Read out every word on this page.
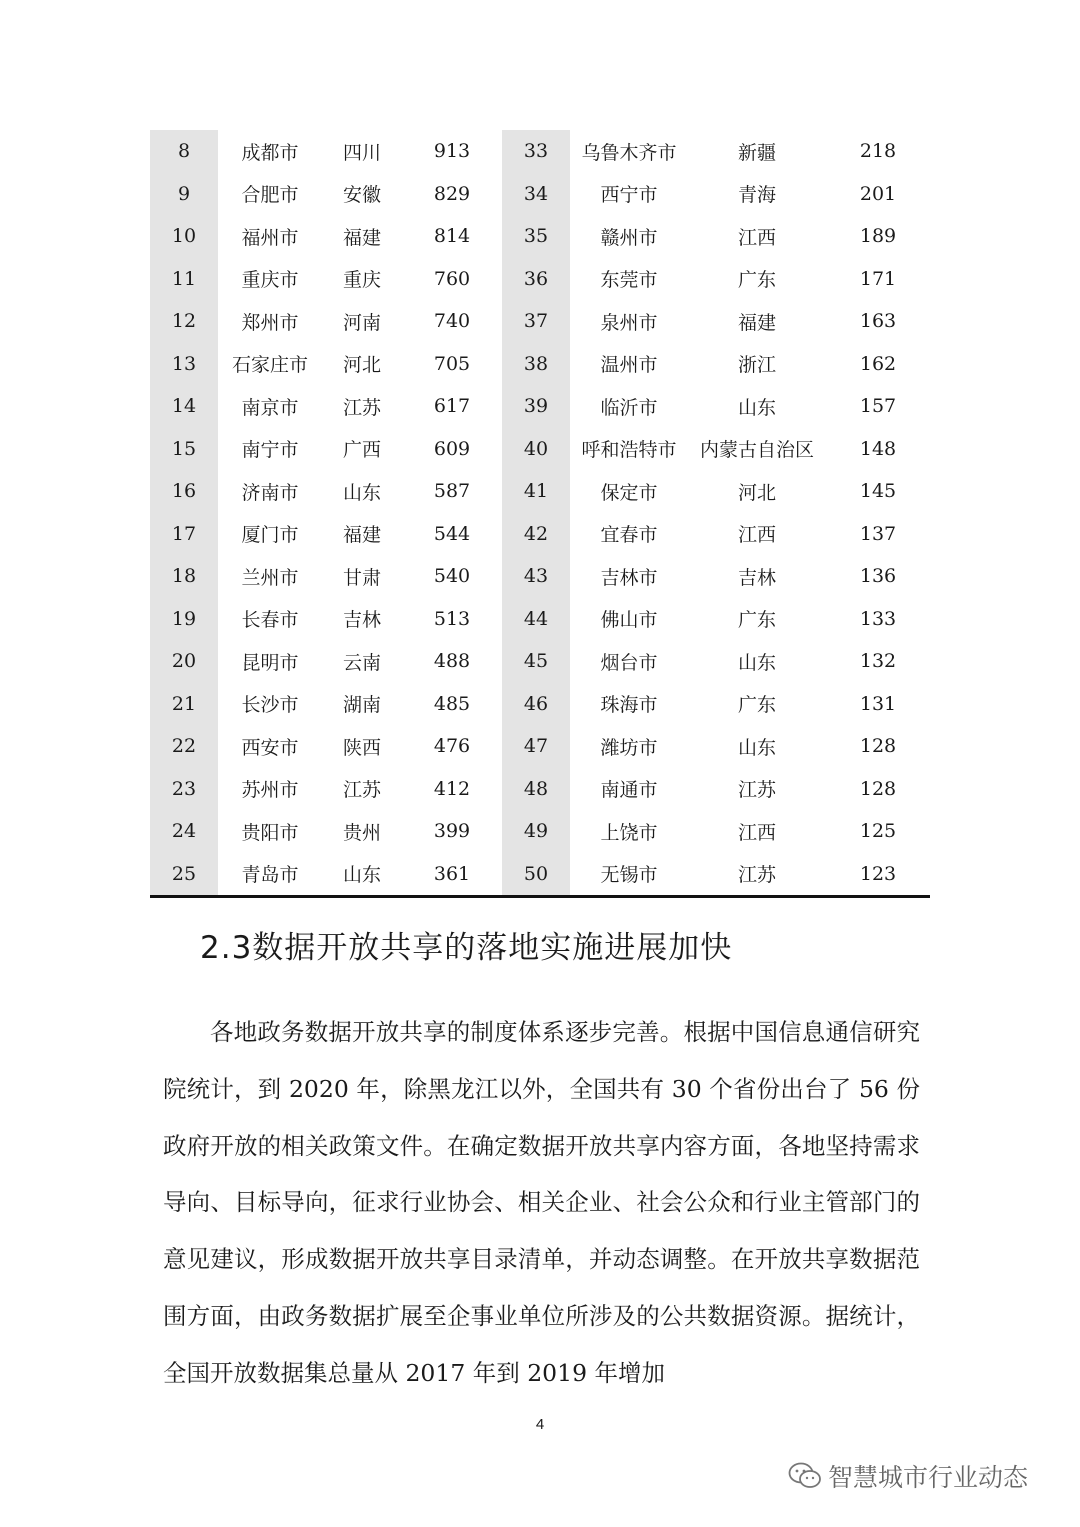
8	成都市	四川	913	33	乌鲁木齐市	新疆	218
9	合肥市	安徽	829	34	西宁市	青海	201
10	福州市	福建	814	35	赣州市	江西	189
11	重庆市	重庆	760	36	东莞市	广东	171
12	郑州市	河南	740	37	泉州市	福建	163
13	石家庄市	河北	705	38	温州市	浙江	162
14	南京市	江苏	617	39	临沂市	山东	157
15	南宁市	广西	609	40	呼和浩特市	内蒙古自治区	148
16	济南市	山东	587	41	保定市	河北	145
17	厦门市	福建	544	42	宜春市	江西	137
18	兰州市	甘肃	540	43	吉林市	吉林	136
19	长春市	吉林	513	44	佛山市	广东	133
20	昆明市	云南	488	45	烟台市	山东	132
21	长沙市	湖南	485	46	珠海市	广东	131
22	西安市	陕西	476	47	潍坊市	山东	128
23	苏州市	江苏	412	48	南通市	江苏	128
24	贵阳市	贵州	399	49	上饶市	江西	125
25	青岛市	山东	361	50	无锡市	江苏	123
2.3数据开放共享的落地实施进展加快

各地政务数据开放共享的制度体系逐步完善。根据中国信息通信研究院统计，到 2020 年，除黑龙江以外，全国共有 30 个省份出台了 56 份政府开放的相关政策文件。在确定数据开放共享内容方面，各地坚持需求导向、目标导向，征求行业协会、相关企业、社会公众和行业主管部门的意见建议，形成数据开放共享目录清单，并动态调整。在开放共享数据范围方面，由政务数据扩展至企事业单位所涉及的公共数据资源。据统计，全国开放数据集总量从 2017 年到 2019 年增加

4
智慧城市行业动态
